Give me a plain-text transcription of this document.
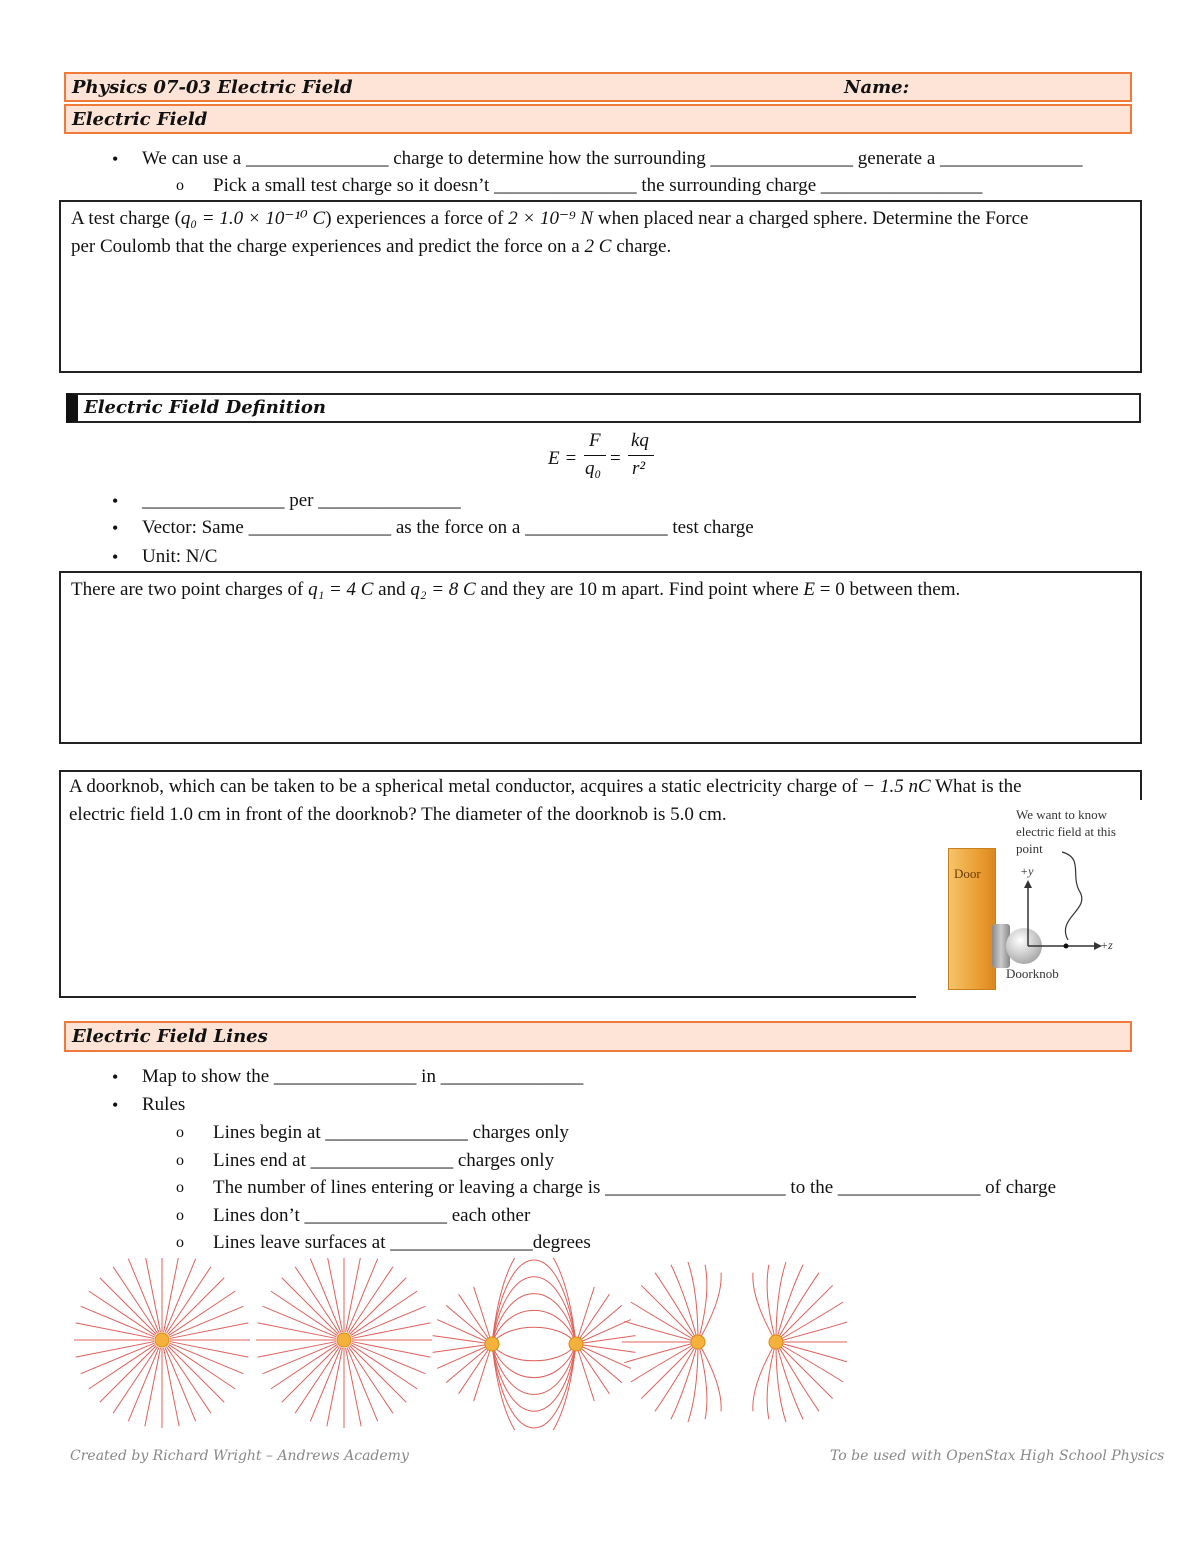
Physics 07-03 Electric Field	Name:
Electric Field
• We can use a _______________ charge to determine how the surrounding _______________ generate a _______________
o Pick a small test charge so it doesn’t _______________ the surrounding charge _________________
A test charge (q₀ = 1.0 × 10⁻¹⁰ C) experiences a force of 2 × 10⁻⁹ N when placed near a charged sphere. Determine the Force
per Coulomb that the charge experiences and predict the force on a 2 C charge.
Electric Field Definition
E =
F
q₀ =
kq
r²
• _______________ per _______________
• Vector: Same _______________ as the force on a _______________ test charge
• Unit: N/C
There are two point charges of q₁ = 4 C and q₂ = 8 C and they are 10 m apart. Find point where E = 0 between them.
A doorknob, which can be taken to be a spherical metal conductor, acquires a static electricity charge of − 1.5 nC What is the
electric field 1.0 cm in front of the doorknob? The diameter of the doorknob is 5.0 cm.	We want to know electric field at this point
Door	+y
+z
Doorknob
Electric Field Lines
• Map to show the _______________ in _______________
• Rules
o Lines begin at _______________ charges only
o Lines end at _______________ charges only
o The number of lines entering or leaving a charge is ___________________ to the _______________ of charge
o Lines don’t _______________ each other
o Lines leave surfaces at _______________degrees
Created by Richard Wright – Andrews Academy	To be used with OpenStax High School Physics
